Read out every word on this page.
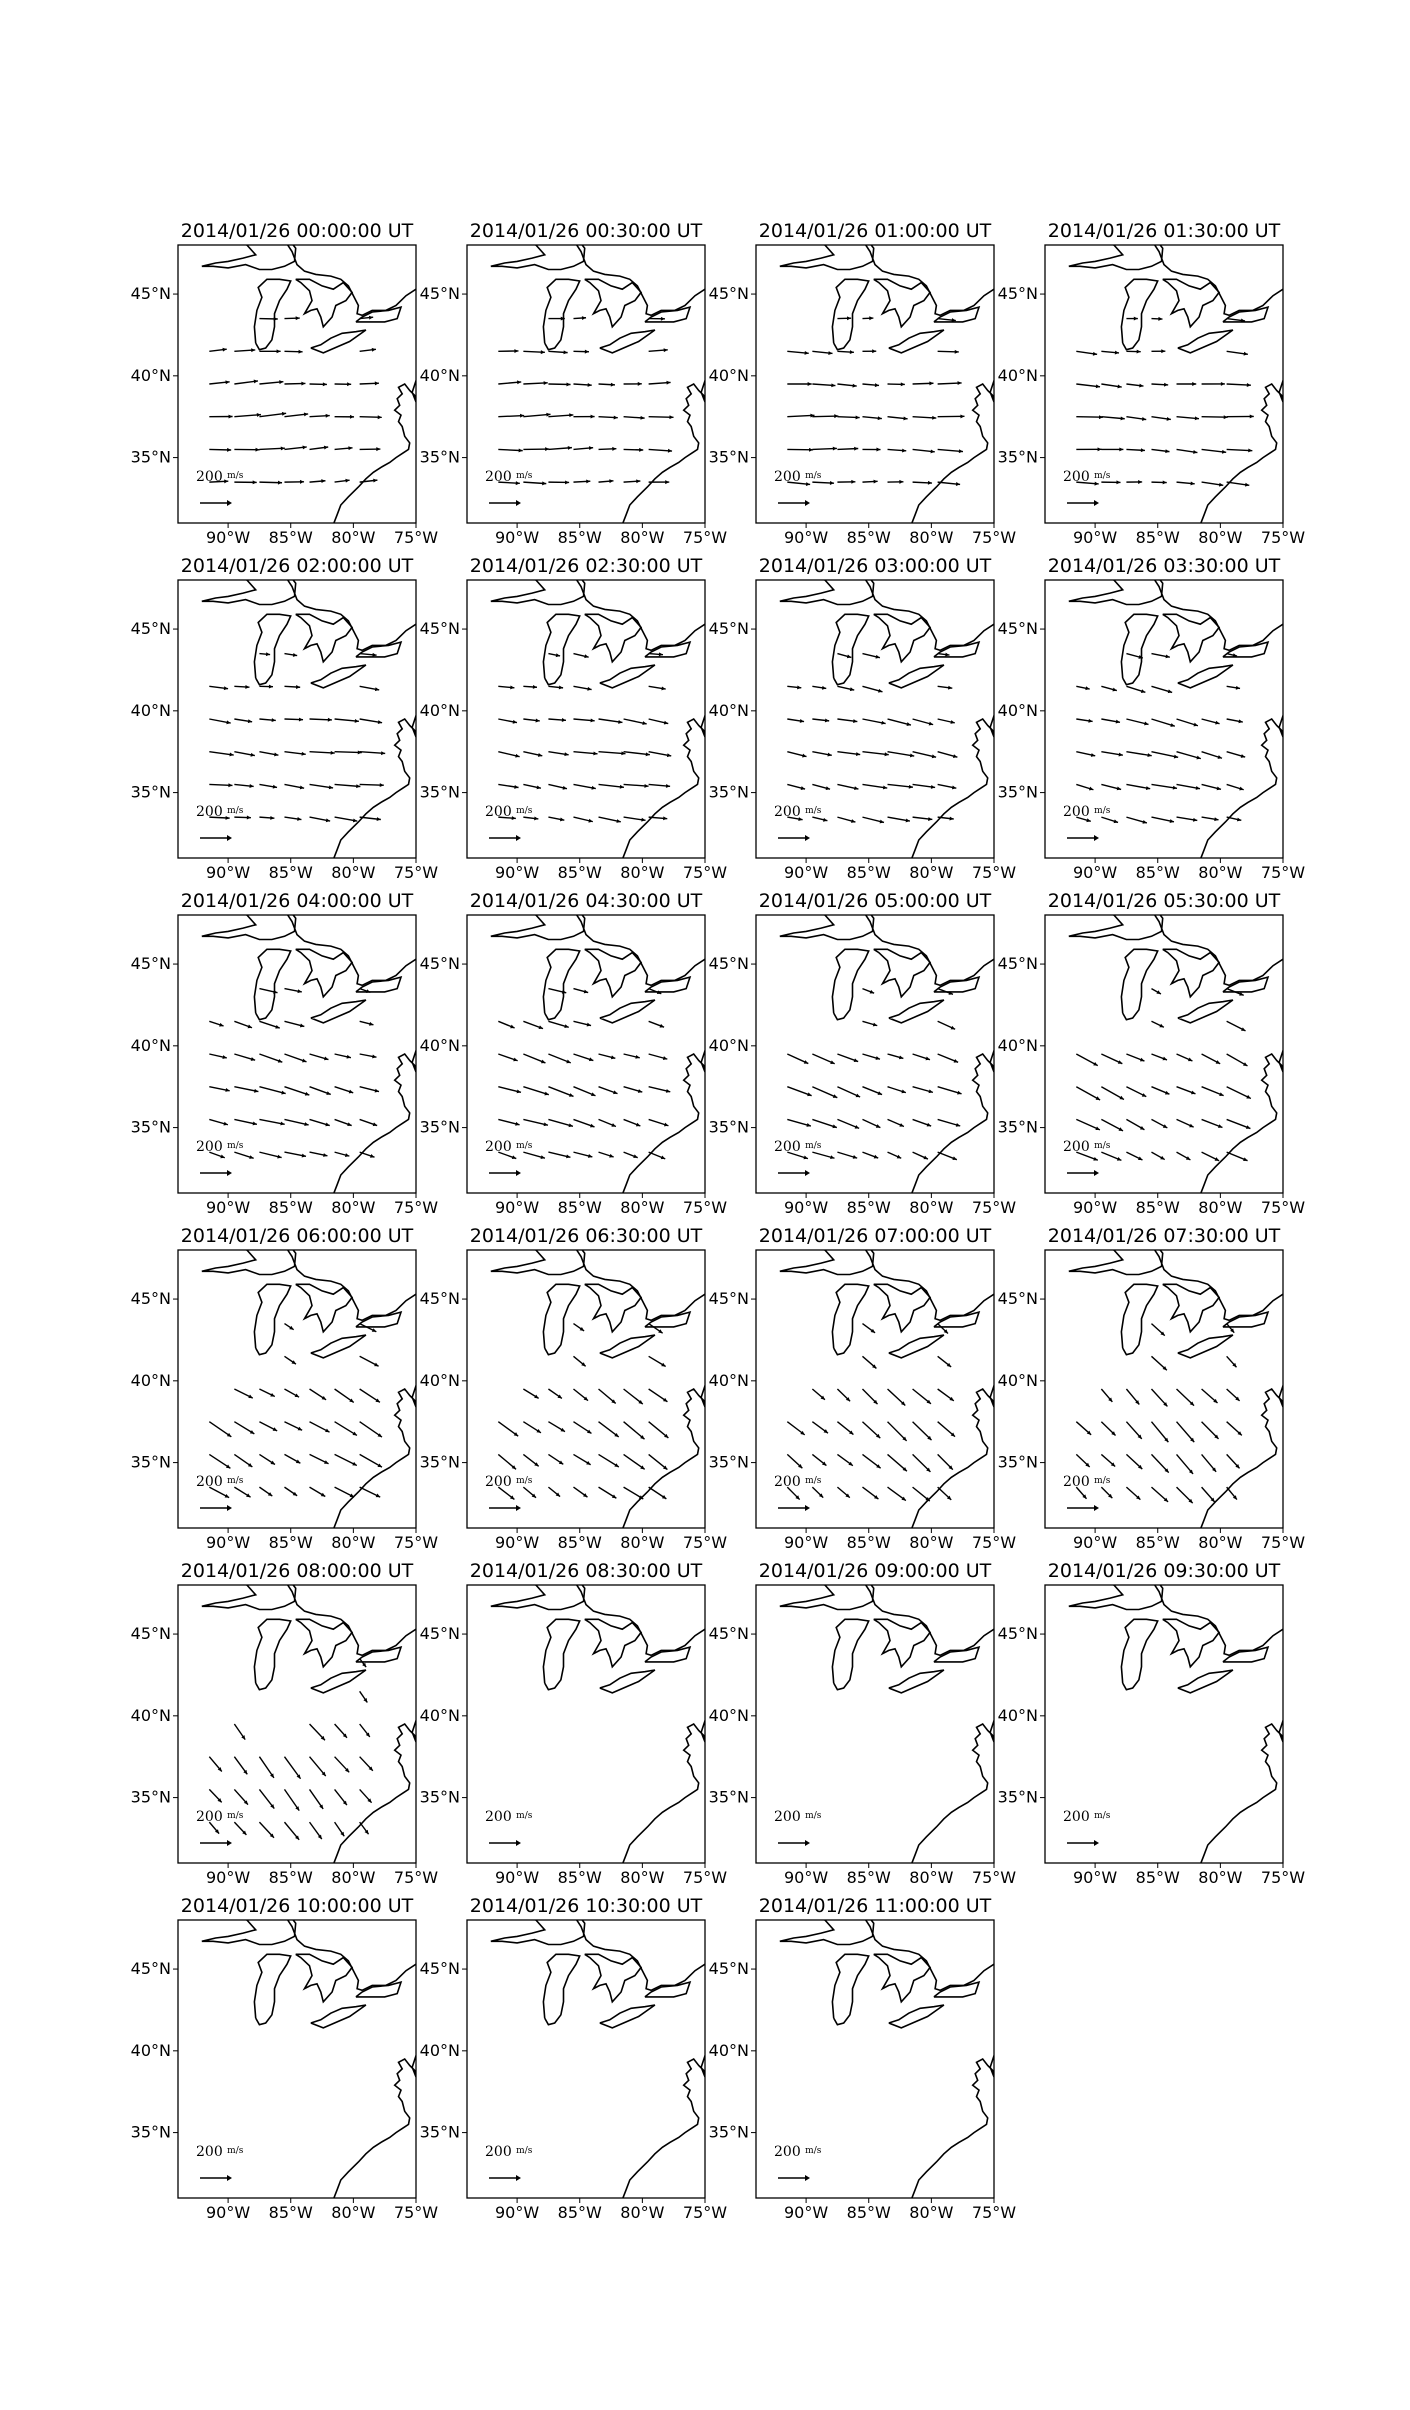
2014/01/26 00:00:00 UT
200 $^{m/s}$
90°W 85°W 80°W 75°W
45°N
40°N
35°N
2014/01/26 00:30:00 UT
200 $^{m/s}$
90°W 85°W 80°W 75°W
45°N
40°N
35°N
2014/01/26 01:00:00 UT
200 $^{m/s}$
90°W 85°W 80°W 75°W
45°N
40°N
35°N
2014/01/26 01:30:00 UT
200 $^{m/s}$
90°W 85°W 80°W 75°W
45°N
40°N
35°N
2014/01/26 02:00:00 UT
200 $^{m/s}$
90°W 85°W 80°W 75°W
45°N
40°N
35°N
2014/01/26 02:30:00 UT
200 $^{m/s}$
90°W 85°W 80°W 75°W
45°N
40°N
35°N
2014/01/26 03:00:00 UT
200 $^{m/s}$
90°W 85°W 80°W 75°W
45°N
40°N
35°N
2014/01/26 03:30:00 UT
200 $^{m/s}$
90°W 85°W 80°W 75°W
45°N
40°N
35°N
2014/01/26 04:00:00 UT
200 $^{m/s}$
90°W 85°W 80°W 75°W
45°N
40°N
35°N
2014/01/26 04:30:00 UT
200 $^{m/s}$
90°W 85°W 80°W 75°W
45°N
40°N
35°N
2014/01/26 05:00:00 UT
200 $^{m/s}$
90°W 85°W 80°W 75°W
45°N
40°N
35°N
2014/01/26 05:30:00 UT
200 $^{m/s}$
90°W 85°W 80°W 75°W
45°N
40°N
35°N
2014/01/26 06:00:00 UT
200 $^{m/s}$
90°W 85°W 80°W 75°W
45°N
40°N
35°N
2014/01/26 06:30:00 UT
200 $^{m/s}$
90°W 85°W 80°W 75°W
45°N
40°N
35°N
2014/01/26 07:00:00 UT
200 $^{m/s}$
90°W 85°W 80°W 75°W
45°N
40°N
35°N
2014/01/26 07:30:00 UT
200 $^{m/s}$
90°W 85°W 80°W 75°W
45°N
40°N
35°N
2014/01/26 08:00:00 UT
200 $^{m/s}$
90°W 85°W 80°W 75°W
45°N
40°N
35°N
2014/01/26 08:30:00 UT
200 $^{m/s}$
90°W 85°W 80°W 75°W
45°N
40°N
35°N
2014/01/26 09:00:00 UT
200 $^{m/s}$
90°W 85°W 80°W 75°W
45°N
40°N
35°N
2014/01/26 09:30:00 UT
200 $^{m/s}$
90°W 85°W 80°W 75°W
45°N
40°N
35°N
2014/01/26 10:00:00 UT
200 $^{m/s}$
90°W 85°W 80°W 75°W
45°N
40°N
35°N
2014/01/26 10:30:00 UT
200 $^{m/s}$
90°W 85°W 80°W 75°W
45°N
40°N
35°N
2014/01/26 11:00:00 UT
200 $^{m/s}$
90°W 85°W 80°W 75°W
45°N
40°N
35°N
